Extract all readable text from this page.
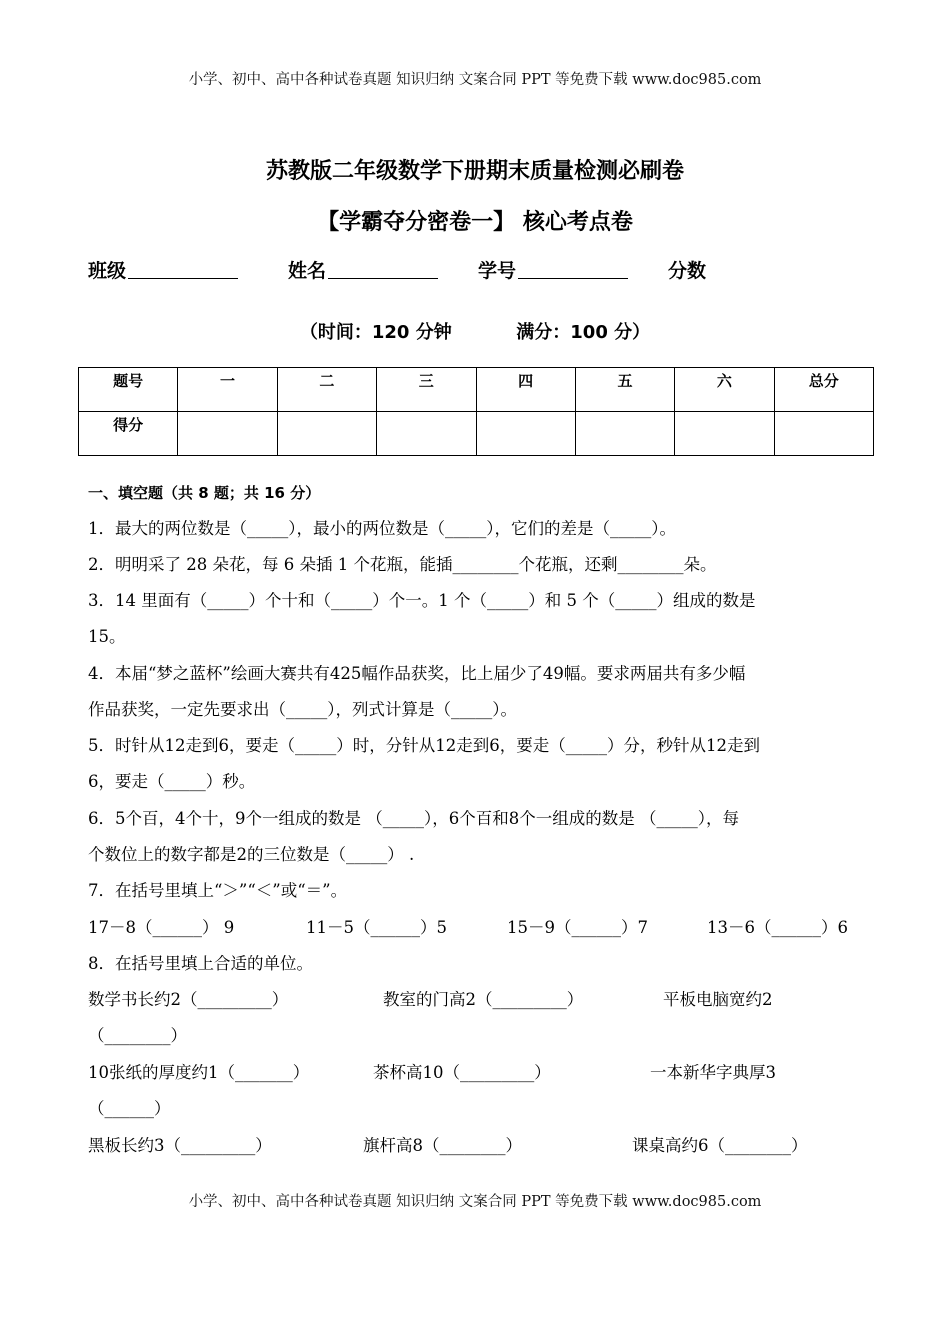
小学、初中、高中各种试卷真题 知识归纳 文案合同 PPT 等免费下载 www.doc985.com
苏教版二年级数学下册期末质量检测必刷卷
【学霸夺分密卷一】 核心考点卷
班级	姓名	学号	分数
（时间：120 分钟	满分：100 分）
题号	一	二	三	四	五	六	总分
得分							
一、填空题（共 8 题；共 16 分）
1．最大的两位数是（_____），最小的两位数是（_____），它们的差是（_____）。
2．明明采了 28 朵花，每 6 朵插 1 个花瓶，能插________个花瓶，还剩________朵。
3．14 里面有（_____）个十和（_____）个一。1 个（_____）和 5 个（_____）组成的数是
15。
4．本届“梦之蓝杯”绘画大赛共有425幅作品获奖，比上届少了49幅。要求两届共有多少幅
作品获奖，一定先要求出（_____），列式计算是（_____）。
5．时针从12走到6，要走（_____）时，分针从12走到6，要走（_____）分，秒针从12走到
6，要走（_____）秒。
6．5个百，4个十，9个一组成的数是 （_____），6个百和8个一组成的数是 （_____），每
个数位上的数字都是2的三位数是（_____） .
7．在括号里填上“＞”“＜”或“＝”。
17－8（______） 9	11－5（______）5	15－9（______）7	13－6（______）6
8．在括号里填上合适的单位。
数学书长约2（_________）	教室的门高2（_________）	平板电脑宽约2
（________）
10张纸的厚度约1（_______）	茶杯高10（_________）	一本新华字典厚3
（______）
黑板长约3（_________）	旗杆高8（________）	课桌高约6（________）
小学、初中、高中各种试卷真题 知识归纳 文案合同 PPT 等免费下载 www.doc985.com
